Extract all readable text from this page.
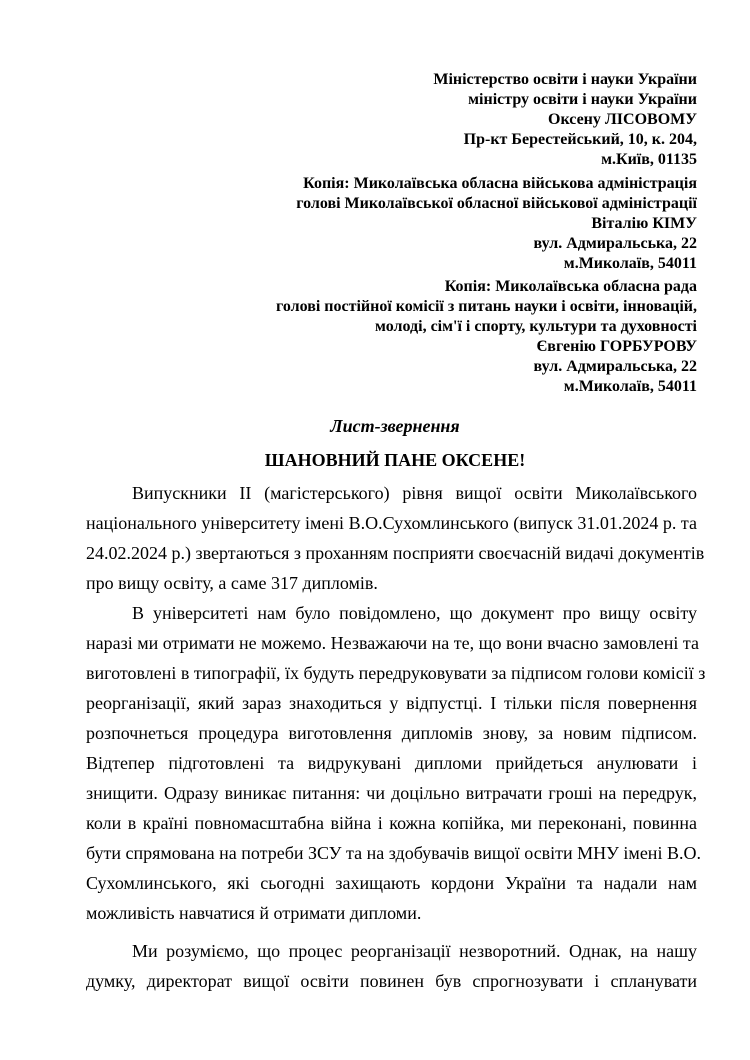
Міністерство освіти і науки України
міністру освіти і науки України
Оксену ЛІСОВОМУ
Пр-кт Берестейський, 10, к. 204,
м.Київ, 01135
Копія: Миколаївська обласна військова адміністрація
голові Миколаївської обласної військової адміністрації
Віталію КІМУ
вул. Адмиральська, 22
м.Миколаїв, 54011
Копія: Миколаївська обласна рада
голові постійної комісії з питань науки і освіти, інновацій,
молоді, сім'ї і спорту, культури та духовності
Євгенію ГОРБУРОВУ
вул. Адмиральська, 22
м.Миколаїв, 54011
Лист-звернення
ШАНОВНИЙ ПАНЕ ОКСЕНЕ!
Випускники II (магістерського) рівня вищої освіти Миколаївського
національного університету імені В.О.Сухомлинського (випуск 31.01.2024 р. та
24.02.2024 р.) звертаються з проханням посприяти своєчасній видачі документів
про вищу освіту, а саме 317 дипломів.
В університеті нам було повідомлено, що документ про вищу освіту
наразі ми отримати не можемо. Незважаючи на те, що вони вчасно замовлені та
виготовлені в типографії, їх будуть передруковувати за підписом голови комісії з
реорганізації, який зараз знаходиться у відпустці. І тільки після повернення
розпочнеться процедура виготовлення дипломів знову, за новим підписом.
Відтепер підготовлені та видрукувані дипломи прийдеться анулювати і
знищити. Одразу виникає питання: чи доцільно витрачати гроші на передрук,
коли в країні повномасштабна війна і кожна копійка, ми переконані, повинна
бути спрямована на потреби ЗСУ та на здобувачів вищої освіти МНУ імені В.О.
Сухомлинського, які сьогодні захищають кордони України та надали нам
можливість навчатися й отримати дипломи.
Ми розуміємо, що процес реорганізації незворотний. Однак, на нашу
думку, директорат вищої освіти повинен був спрогнозувати і спланувати
